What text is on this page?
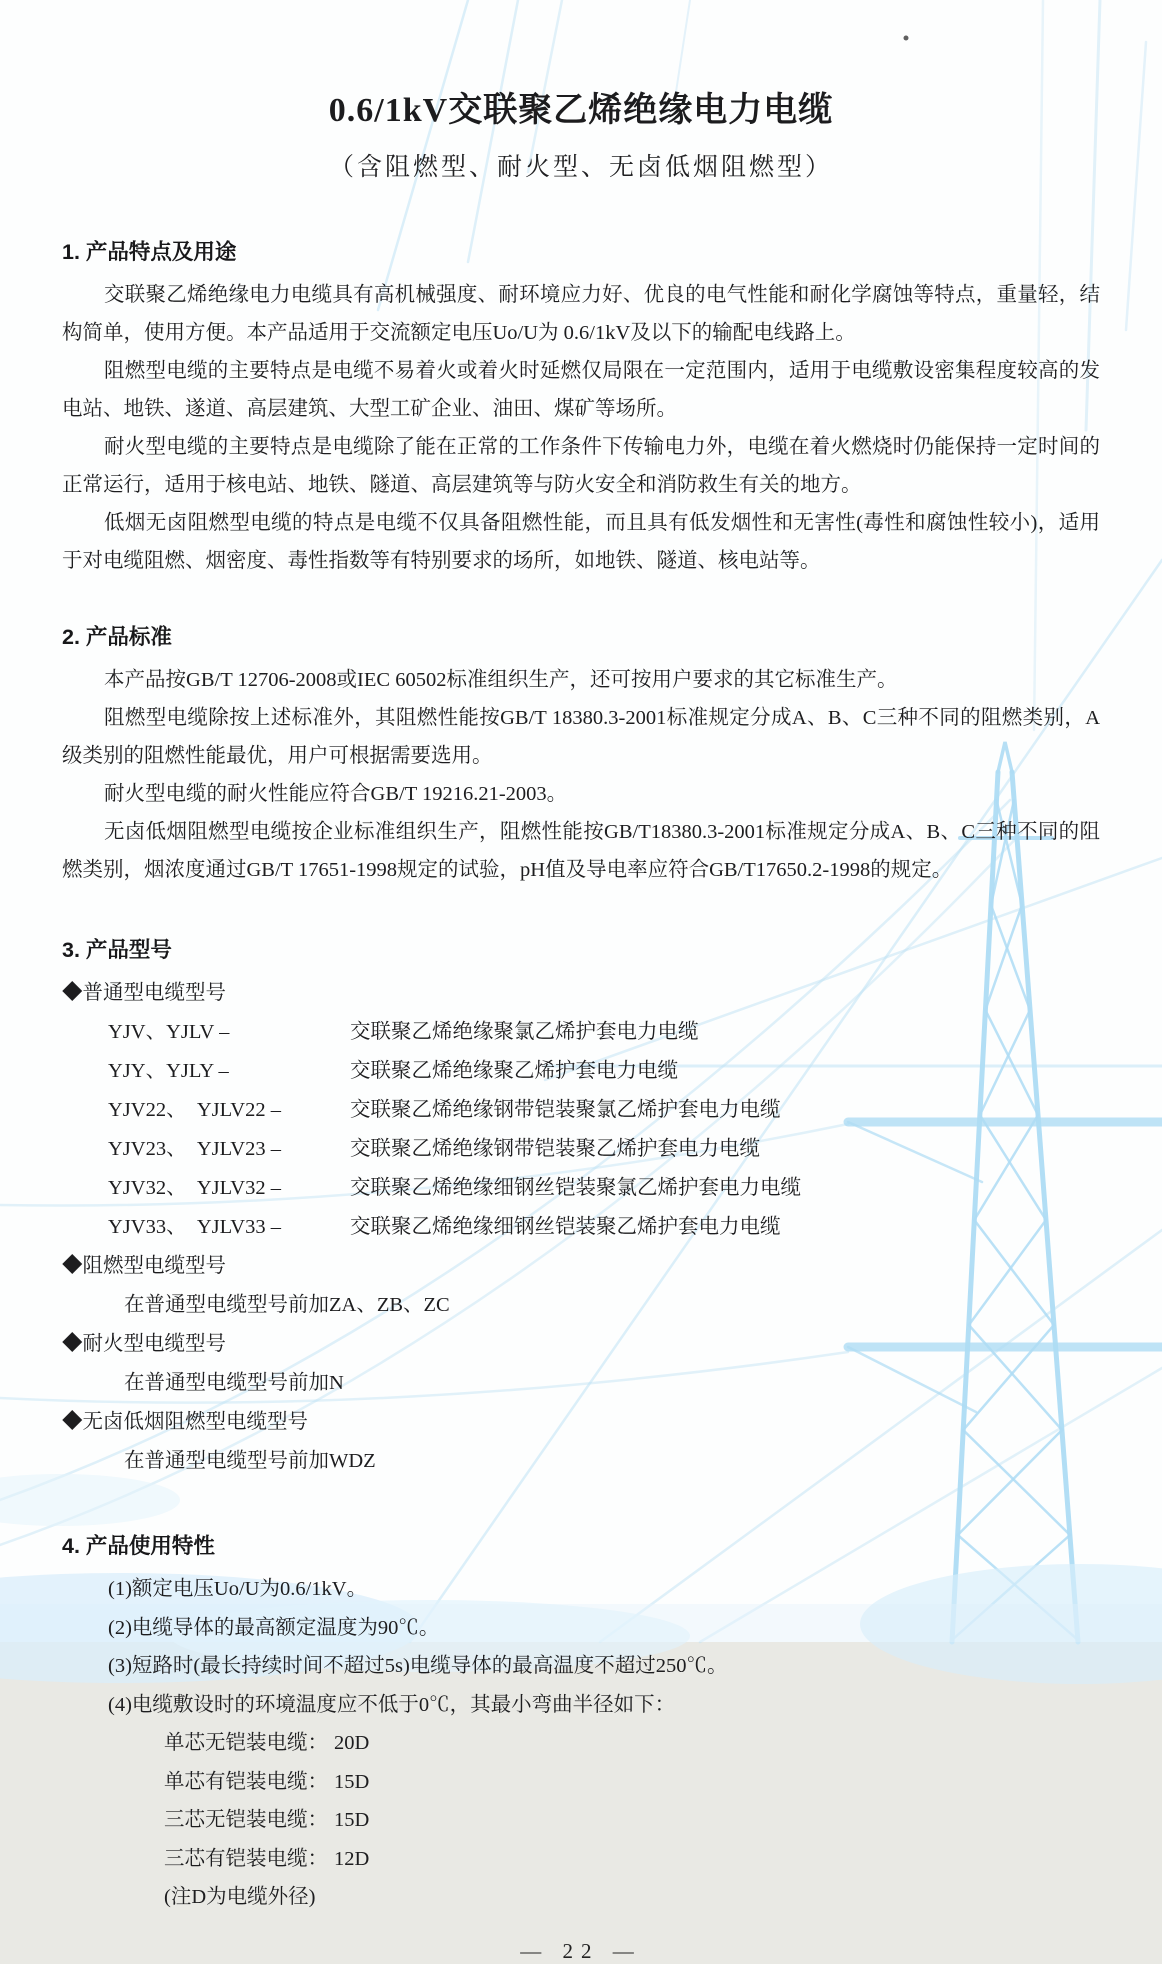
0.6/1kV交联聚乙烯绝缘电力电缆
（含阻燃型、耐火型、无卤低烟阻燃型）
1. 产品特点及用途

交联聚乙烯绝缘电力电缆具有高机械强度、耐环境应力好、优良的电气性能和耐化学腐蚀等特点，重量轻，结构简单，使用方便。本产品适用于交流额定电压Uo/U为 0.6/1kV及以下的输配电线路上。

阻燃型电缆的主要特点是电缆不易着火或着火时延燃仅局限在一定范围内，适用于电缆敷设密集程度较高的发电站、地铁、遂道、高层建筑、大型工矿企业、油田、煤矿等场所。

耐火型电缆的主要特点是电缆除了能在正常的工作条件下传输电力外，电缆在着火燃烧时仍能保持一定时间的正常运行，适用于核电站、地铁、隧道、高层建筑等与防火安全和消防救生有关的地方。

低烟无卤阻燃型电缆的特点是电缆不仅具备阻燃性能，而且具有低发烟性和无害性(毒性和腐蚀性较小)，适用于对电缆阻燃、烟密度、毒性指数等有特别要求的场所，如地铁、隧道、核电站等。

2. 产品标准

本产品按GB/T 12706-2008或IEC 60502标准组织生产，还可按用户要求的其它标准生产。

阻燃型电缆除按上述标准外，其阻燃性能按GB/T 18380.3-2001标准规定分成A、B、C三种不同的阻燃类别，A级类别的阻燃性能最优，用户可根据需要选用。

耐火型电缆的耐火性能应符合GB/T 19216.21-2003。

无卤低烟阻燃型电缆按企业标准组织生产，阻燃性能按GB/T18380.3-2001标准规定分成A、B、C三种不同的阻燃类别，烟浓度通过GB/T 17651-1998规定的试验，pH值及导电率应符合GB/T17650.2-1998的规定。

3. 产品型号
◆普通型电缆型号
YJV、YJLV –	交联聚乙烯绝缘聚氯乙烯护套电力电缆
YJY、YJLY –	交联聚乙烯绝缘聚乙烯护套电力电缆
YJV22、　YJLV22 –	交联聚乙烯绝缘钢带铠装聚氯乙烯护套电力电缆
YJV23、　YJLV23 –	交联聚乙烯绝缘钢带铠装聚乙烯护套电力电缆
YJV32、　YJLV32 –	交联聚乙烯绝缘细钢丝铠装聚氯乙烯护套电力电缆
YJV33、　YJLV33 –	交联聚乙烯绝缘细钢丝铠装聚乙烯护套电力电缆
◆阻燃型电缆型号
在普通型电缆型号前加ZA、ZB、ZC
◆耐火型电缆型号
在普通型电缆型号前加N
◆无卤低烟阻燃型电缆型号
在普通型电缆型号前加WDZ
4. 产品使用特性
(1)额定电压Uo/U为0.6/1kV。
(2)电缆导体的最高额定温度为90℃。
(3)短路时(最长持续时间不超过5s)电缆导体的最高温度不超过250℃。
(4)电缆敷设时的环境温度应不低于0℃，其最小弯曲半径如下：
单芯无铠装电缆： 20D
单芯有铠装电缆： 15D
三芯无铠装电缆： 15D
三芯有铠装电缆： 12D
(注D为电缆外径)
— 22 —
